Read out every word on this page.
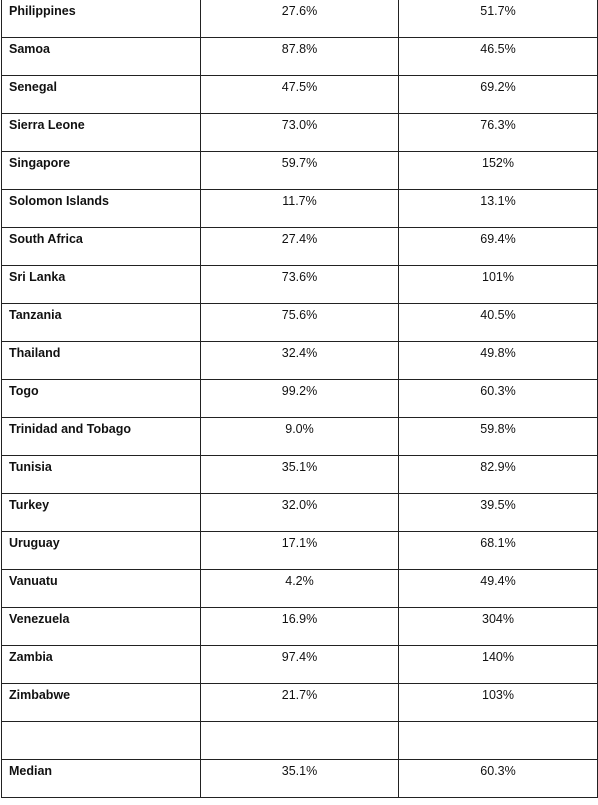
Philippines	27.6%	51.7%
Samoa	87.8%	46.5%
Senegal	47.5%	69.2%
Sierra Leone	73.0%	76.3%
Singapore	59.7%	152%
Solomon Islands	11.7%	13.1%
South Africa	27.4%	69.4%
Sri Lanka	73.6%	101%
Tanzania	75.6%	40.5%
Thailand	32.4%	49.8%
Togo	99.2%	60.3%
Trinidad and Tobago	9.0%	59.8%
Tunisia	35.1%	82.9%
Turkey	32.0%	39.5%
Uruguay	17.1%	68.1%
Vanuatu	4.2%	49.4%
Venezuela	16.9%	304%
Zambia	97.4%	140%
Zimbabwe	21.7%	103%

Median	35.1%	60.3%
